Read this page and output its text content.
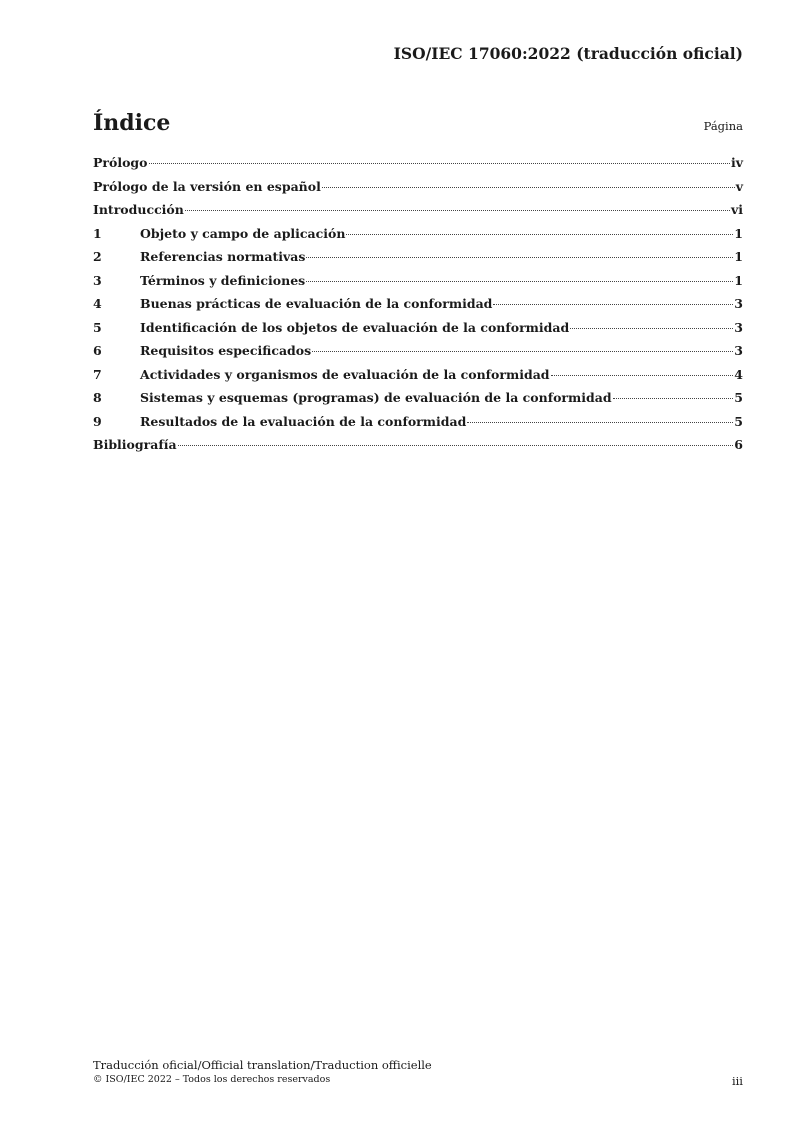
ISO/IEC 17060:2022 (traducción oficial)
Índice	Página
Prólogo	iv
Prólogo de la versión en español	v
Introducción	vi
1	Objeto y campo de aplicación	1
2	Referencias normativas	1
3	Términos y definiciones	1
4	Buenas prácticas de evaluación de la conformidad	3
5	Identificación de los objetos de evaluación de la conformidad	3
6	Requisitos especificados	3
7	Actividades y organismos de evaluación de la conformidad	4
8	Sistemas y esquemas (programas) de evaluación de la conformidad	5
9	Resultados de la evaluación de la conformidad	5
Bibliografía	6
Traducción oficial/Official translation/Traduction officielle
© ISO/IEC 2022 – Todos los derechos reservados	iii
